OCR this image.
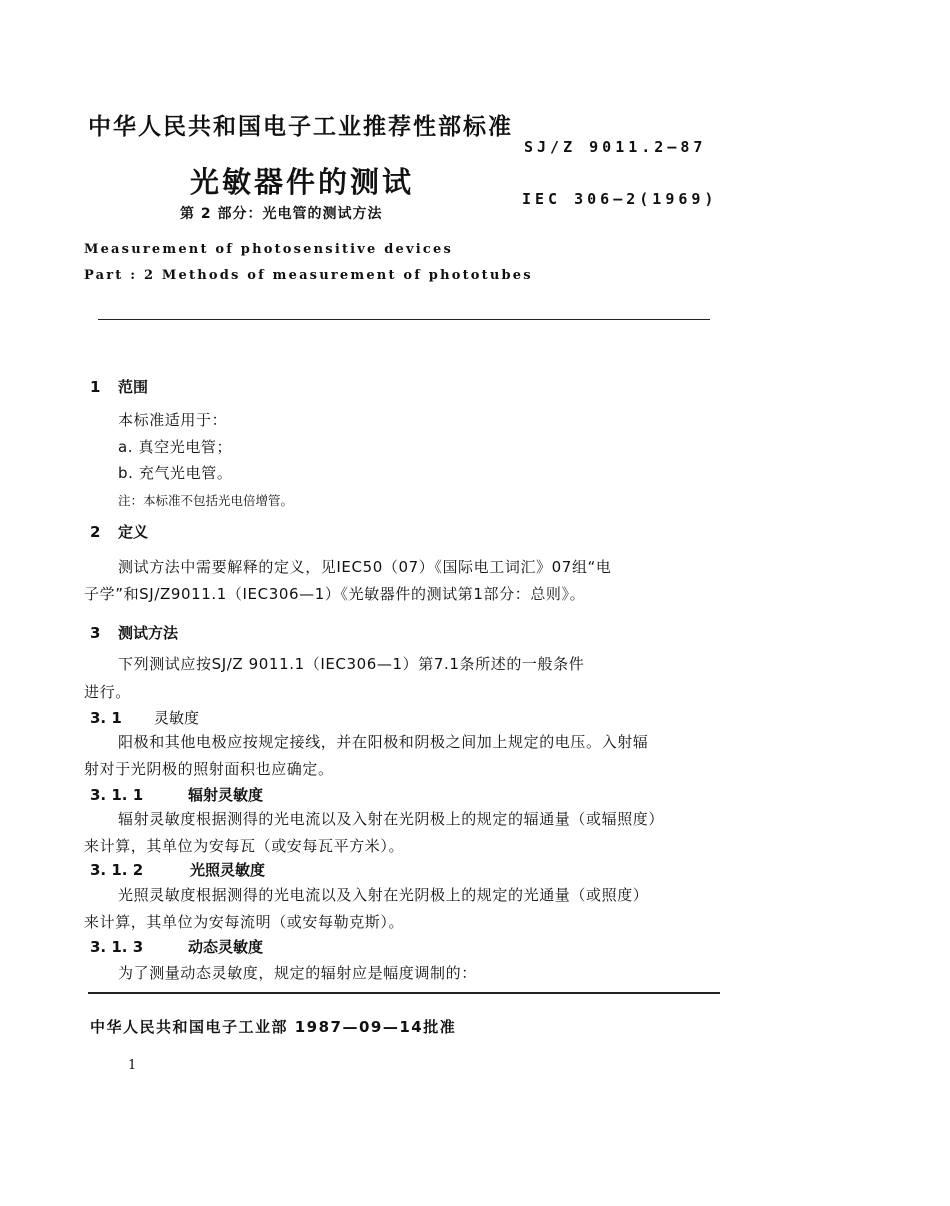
中华人民共和国电子工业推荐性部标准
SJ/Z 9011.2—87
光敏器件的测试	IEC 306—2(1969)
第 2 部分：光电管的测试方法
Measurement of photosensitive devices
Part : 2 Methods of measurement of phototubes
1 范围
本标准适用于：
a. 真空光电管；
b. 充气光电管。
注：本标准不包括光电倍增管。
2 定义
测试方法中需要解释的定义，见IEC50（07）《国际电工词汇》07组“电
子学”和SJ/Z9011.1（IEC306—1）《光敏器件的测试第1部分：总则》。
3 测试方法
下列测试应按SJ/Z 9011.1（IEC306—1）第7.1条所述的一般条件
进行。
3. 1 灵敏度
阳极和其他电极应按规定接线，并在阳极和阴极之间加上规定的电压。入射辐
射对于光阴极的照射面积也应确定。
3. 1. 1	辐射灵敏度
辐射灵敏度根据测得的光电流以及入射在光阴极上的规定的辐通量（或辐照度）
来计算，其单位为安每瓦（或安每瓦平方米）。
3. 1. 2	光照灵敏度
光照灵敏度根据测得的光电流以及入射在光阴极上的规定的光通量（或照度）
来计算，其单位为安每流明（或安每勒克斯）。
3. 1. 3	动态灵敏度
为了测量动态灵敏度，规定的辐射应是幅度调制的：
中华人民共和国电子工业部 1987—09—14批准
1
